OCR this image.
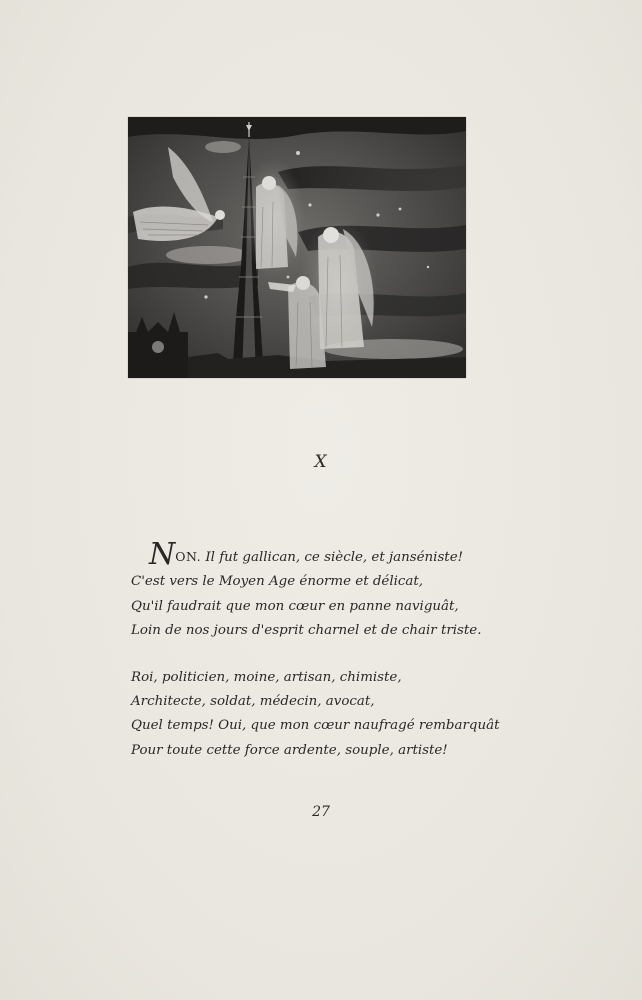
X

NON. Il fut gallican, ce siècle, et janséniste!
C'est vers le Moyen Age énorme et délicat,
Qu'il faudrait que mon cœur en panne naviguât,
Loin de nos jours d'esprit charnel et de chair triste.

Roi, politicien, moine, artisan, chimiste,
Architecte, soldat, médecin, avocat,
Quel temps! Oui, que mon cœur naufragé rembarquât
Pour toute cette force ardente, souple, artiste!

27
